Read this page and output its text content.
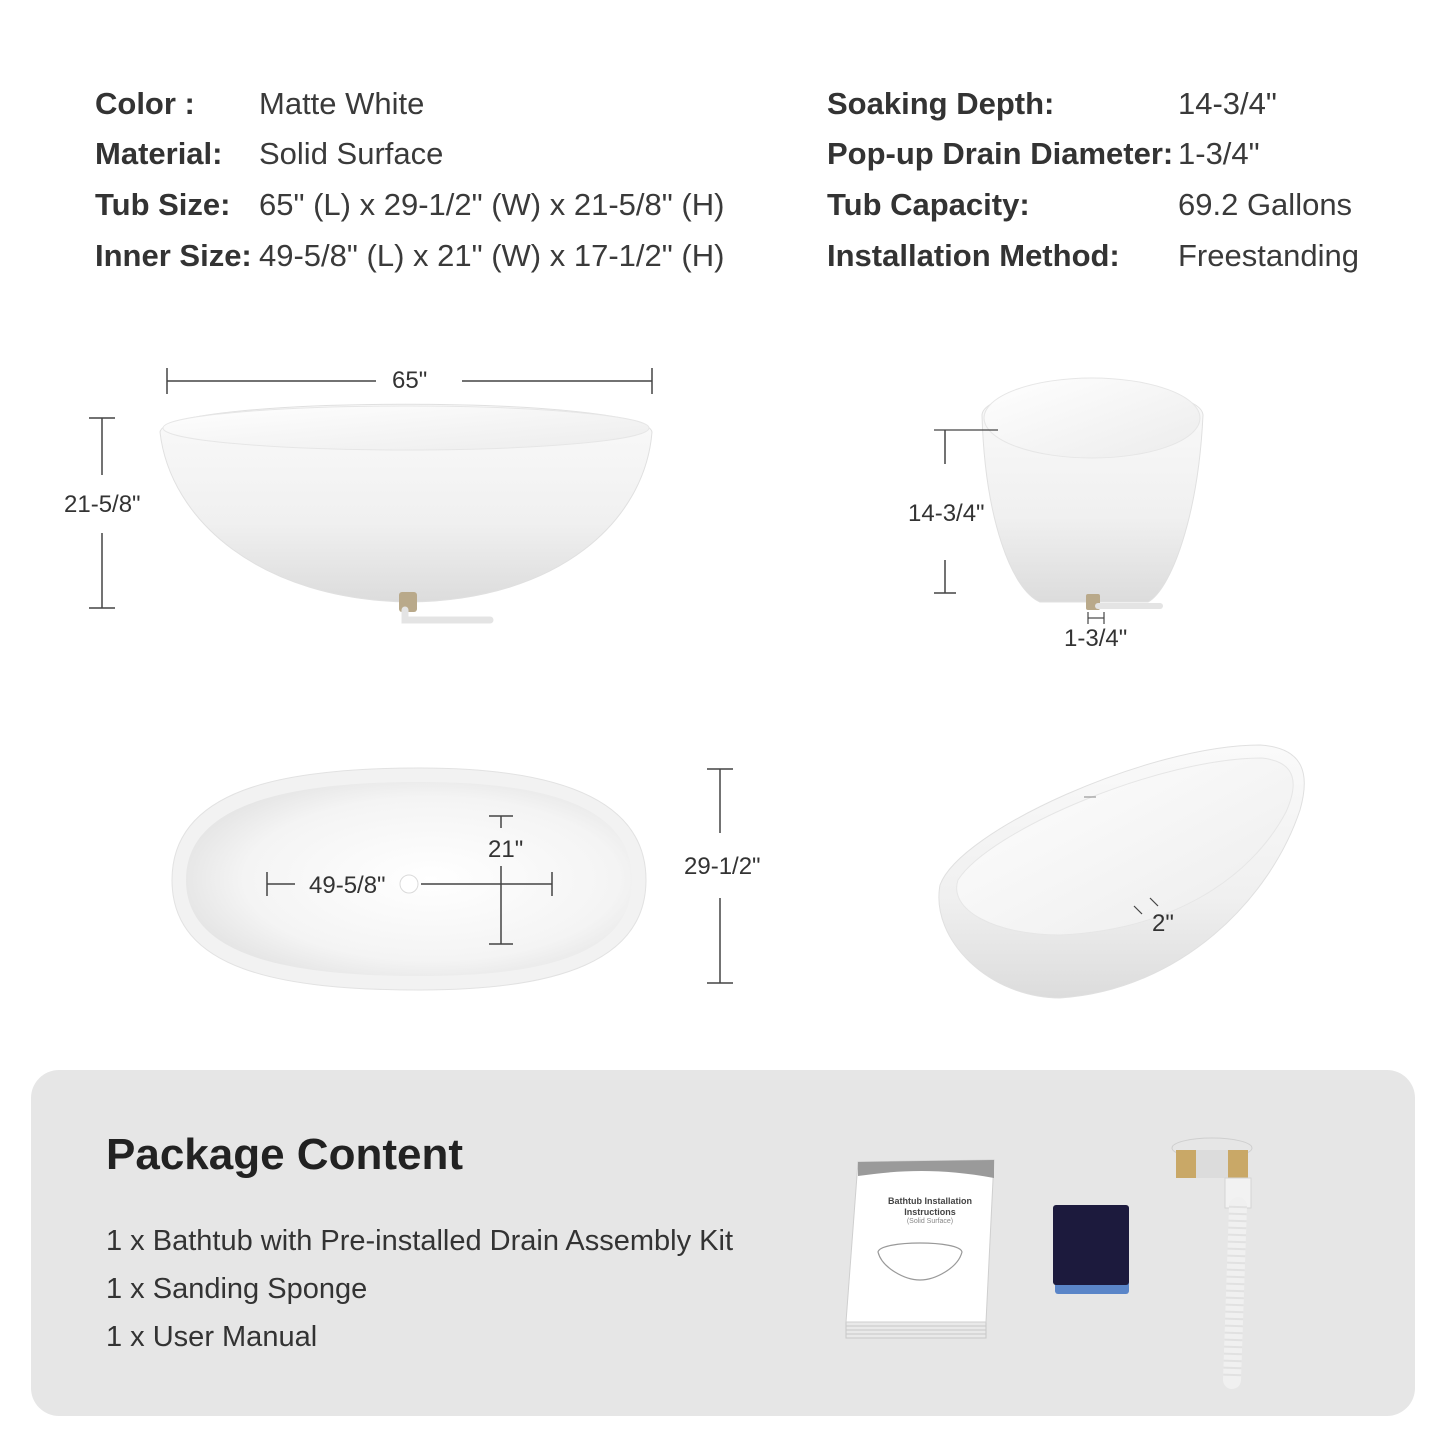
Color : Matte White
Material: Solid Surface
Tub Size: 65" (L) x 29-1/2" (W) x 21-5/8" (H)
Inner Size: 49-5/8" (L) x 21" (W) x 17-1/2" (H)
Soaking Depth:	14-3/4"
Pop-up Drain Diameter: 1-3/4"
Tub Capacity:	69.2 Gallons
Installation Method: Freestanding
65"
21-5/8"	14-3/4"
1-3/4"
21"
49-5/8"
29-1/2"
2"
Package Content
1 x Bathtub with Pre-installed Drain Assembly Kit
1 x Sanding Sponge
1 x User Manual
Bathtub Installation Instructions
(Solid Surface)
